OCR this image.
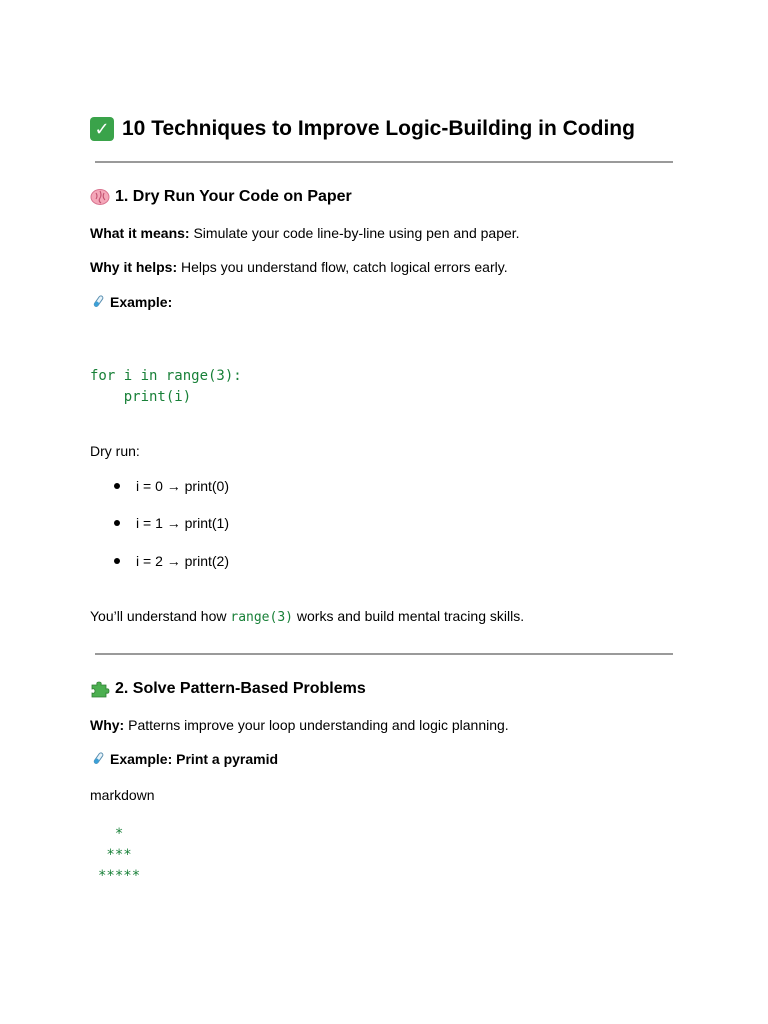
✓ 10 Techniques to Improve Logic-Building in Coding
1. Dry Run Your Code on Paper
What it means: Simulate your code line-by-line using pen and paper.
Why it helps: Helps you understand flow, catch logical errors early.
Example:
for i in range(3):
print(i)
Dry run:
i = 0 → print(0)
i = 1 → print(1)
i = 2 → print(2)
You’ll understand how range(3) works and build mental tracing skills.
2. Solve Pattern-Based Problems
Why: Patterns improve your loop understanding and logic planning.
Example: Print a pyramid
markdown
*
***
*****
